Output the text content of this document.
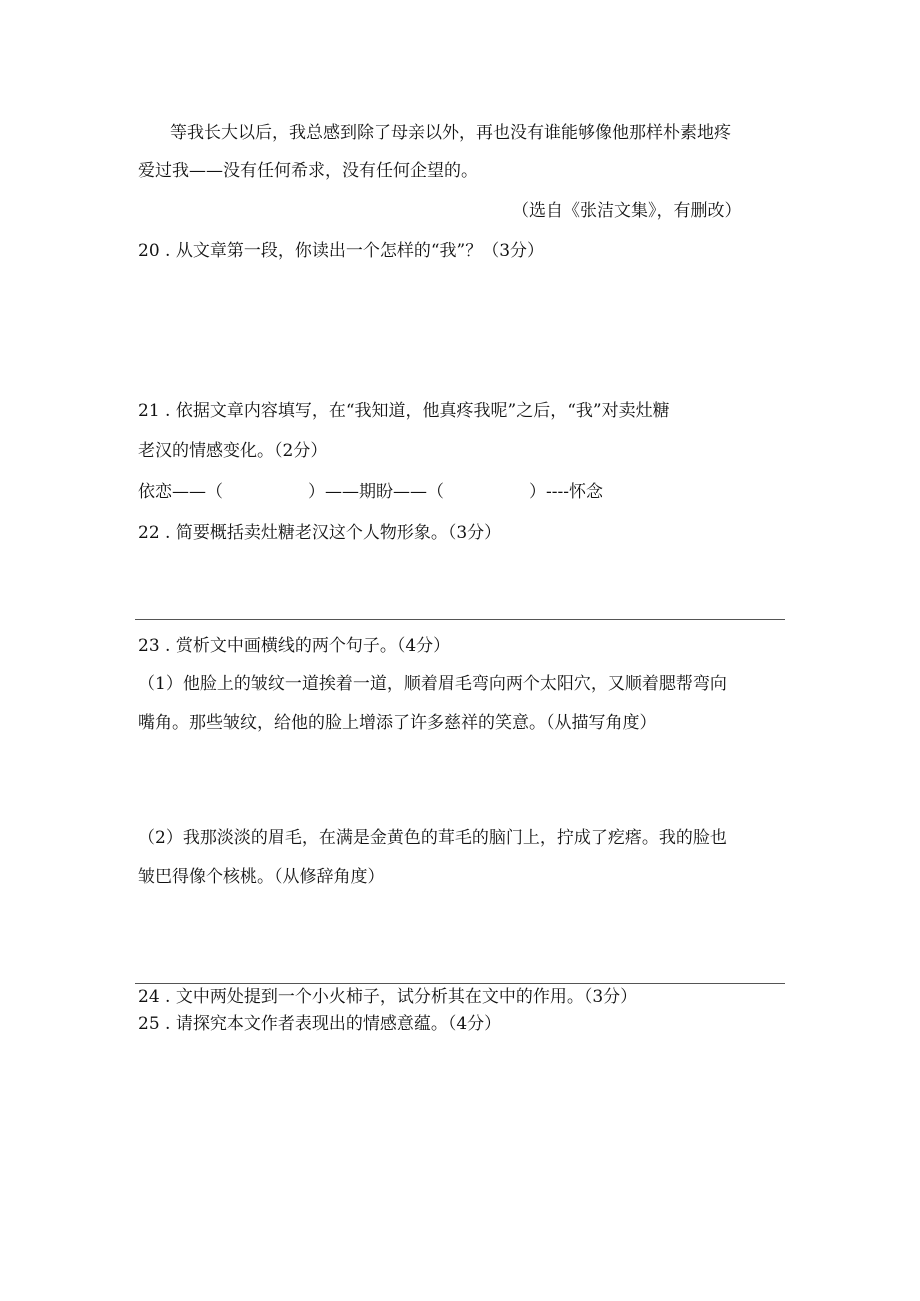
等我长大以后，我总感到除了母亲以外，再也没有谁能够像他那样朴素地疼
爱过我——没有任何希求，没有任何企望的。
（选自《张洁文集》，有删改）
20 . 从文章第一段，你读出一个怎样的“我”？（3分）
21 . 依据文章内容填写，在“我知道，他真疼我呢”之后，“我”对卖灶糖
老汉的情感变化。（2分）
依恋——（	）——期盼——（	）----怀念
22 . 简要概括卖灶糖老汉这个人物形象。（3分）
23 . 赏析文中画横线的两个句子。（4分）
（1）他脸上的皱纹一道挨着一道，顺着眉毛弯向两个太阳穴，又顺着腮帮弯向
嘴角。那些皱纹，给他的脸上增添了许多慈祥的笑意。（从描写角度）
（2）我那淡淡的眉毛，在满是金黄色的茸毛的脑门上，拧成了疙瘩。我的脸也
皱巴得像个核桃。（从修辞角度）
24 . 文中两处提到一个小火柿子，试分析其在文中的作用。（3分）
25 . 请探究本文作者表现出的情感意蕴。（4分）
